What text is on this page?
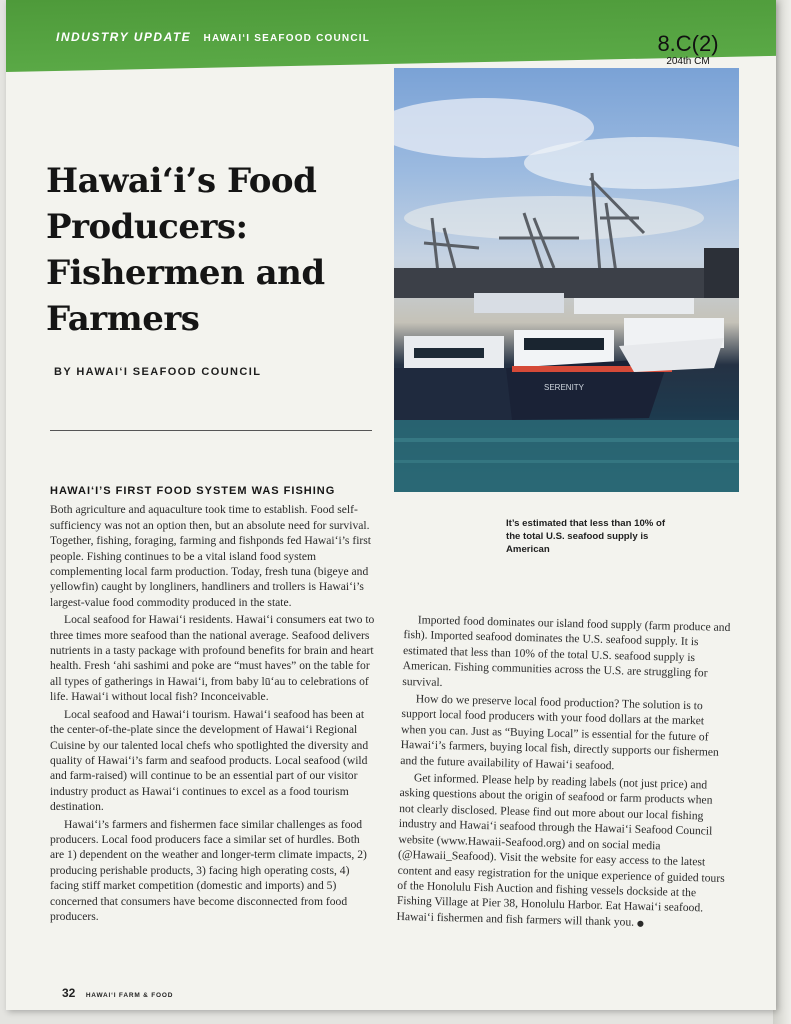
INDUSTRY UPDATE HAWAI‘I SEAFOOD COUNCIL	8.C(2)
204th CM
Hawai‘i’s Food Producers: Fishermen and Farmers
BY HAWAI‘I SEAFOOD COUNCIL
SERENITY
It’s estimated that less than 10% of the total U.S. seafood supply is American
HAWAI‘I’S FIRST FOOD SYSTEM WAS FISHING

Both agriculture and aquaculture took time to establish. Food self-sufficiency was not an option then, but an absolute need for survival. Together, fishing, foraging, farming and fishponds fed Hawai‘i’s first people. Fishing continues to be a vital island food system complementing local farm production. Today, fresh tuna (bigeye and yellowfin) caught by longliners, handliners and trollers is Hawai‘i’s largest-value food commodity produced in the state.

Local seafood for Hawai‘i residents. Hawai‘i consumers eat two to three times more seafood than the national average. Seafood delivers nutrients in a tasty package with profound benefits for brain and heart health. Fresh ‘ahi sashimi and poke are “must haves” on the table for all types of gatherings in Hawai‘i, from baby lū‘au to celebrations of life. Hawai‘i without local fish? Inconceivable.

Local seafood and Hawai‘i tourism. Hawai‘i seafood has been at the center-of-the-plate since the development of Hawai‘i Regional Cuisine by our talented local chefs who spotlighted the diversity and quality of Hawai‘i’s farm and seafood products. Local seafood (wild and farm-raised) will continue to be an essential part of our visitor industry product as Hawai‘i continues to excel as a food tourism destination.

Hawai‘i’s farmers and fishermen face similar challenges as food producers. Local food producers face a similar set of hurdles. Both are 1) dependent on the weather and longer-term climate impacts, 2) producing perishable products, 3) facing high operating costs, 4) facing stiff market competition (domestic and imports) and 5) concerned that consumers have become disconnected from food producers.

Imported food dominates our island food supply (farm produce and fish). Imported seafood dominates the U.S. seafood supply. It is estimated that less than 10% of the total U.S. seafood supply is American. Fishing communities across the U.S. are struggling for survival.

How do we preserve local food production? The solution is to support local food producers with your food dollars at the market when you can. Just as “Buying Local” is essential for the future of Hawai‘i’s farmers, buying local fish, directly supports our fishermen and the future availability of Hawai‘i seafood.

Get informed. Please help by reading labels (not just price) and asking questions about the origin of seafood or farm products when not clearly disclosed. Please find out more about our local fishing industry and Hawai‘i seafood through the Hawai‘i Seafood Council website (www.Hawaii-Seafood.org) and on social media (@Hawaii_Seafood). Visit the website for easy access to the latest content and easy registration for the unique experience of guided tours of the Honolulu Fish Auction and fishing vessels dockside at the Fishing Village at Pier 38, Honolulu Harbor. Eat Hawai‘i seafood. Hawai‘i fishermen and fish farmers will thank you. ●

32 HAWAI‘I FARM & FOOD
